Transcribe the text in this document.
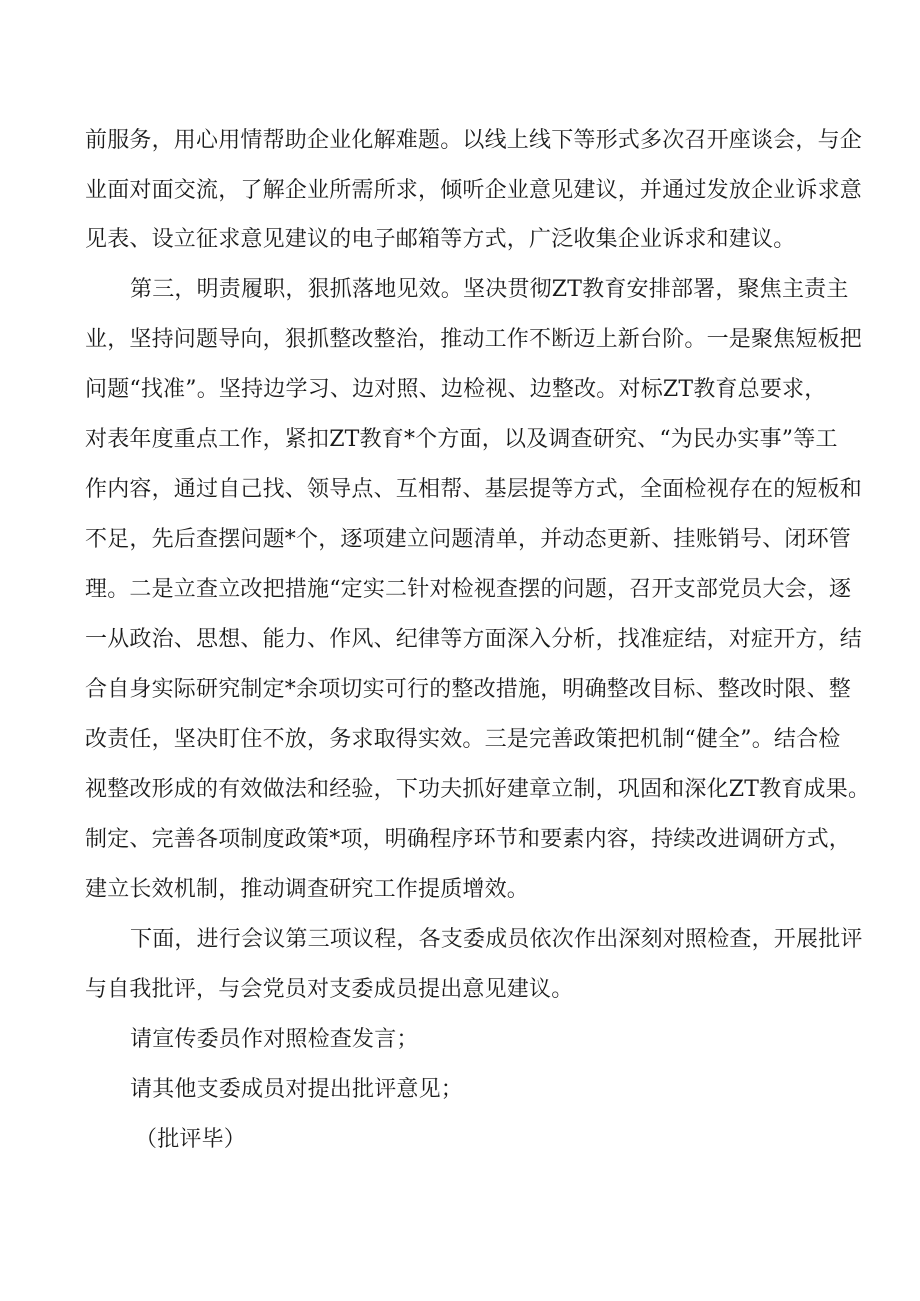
前服务，用心用情帮助企业化解难题。以线上线下等形式多次召开座谈会，与企
业面对面交流，了解企业所需所求，倾听企业意见建议，并通过发放企业诉求意
见表、设立征求意见建议的电子邮箱等方式，广泛收集企业诉求和建议。
第三，明责履职，狠抓落地见效。坚决贯彻ZT教育安排部署，聚焦主责主
业，坚持问题导向，狠抓整改整治，推动工作不断迈上新台阶。一是聚焦短板把
问题“找准”。坚持边学习、边对照、边检视、边整改。对标ZT教育总要求，
对表年度重点工作，紧扣ZT教育*个方面，以及调查研究、“为民办实事”等工
作内容，通过自己找、领导点、互相帮、基层提等方式，全面检视存在的短板和
不足，先后查摆问题*个，逐项建立问题清单，并动态更新、挂账销号、闭环管
理。二是立查立改把措施“定实二针对检视查摆的问题，召开支部党员大会，逐
一从政治、思想、能力、作风、纪律等方面深入分析，找准症结，对症开方，结
合自身实际研究制定*余项切实可行的整改措施，明确整改目标、整改时限、整
改责任，坚决盯住不放，务求取得实效。三是完善政策把机制“健全”。结合检
视整改形成的有效做法和经验，下功夫抓好建章立制，巩固和深化ZT教育成果。
制定、完善各项制度政策*项，明确程序环节和要素内容，持续改进调研方式，
建立长效机制，推动调查研究工作提质增效。
下面，进行会议第三项议程，各支委成员依次作出深刻对照检查，开展批评
与自我批评，与会党员对支委成员提出意见建议。
请宣传委员作对照检查发言；
请其他支委成员对提出批评意见；
（批评毕）
